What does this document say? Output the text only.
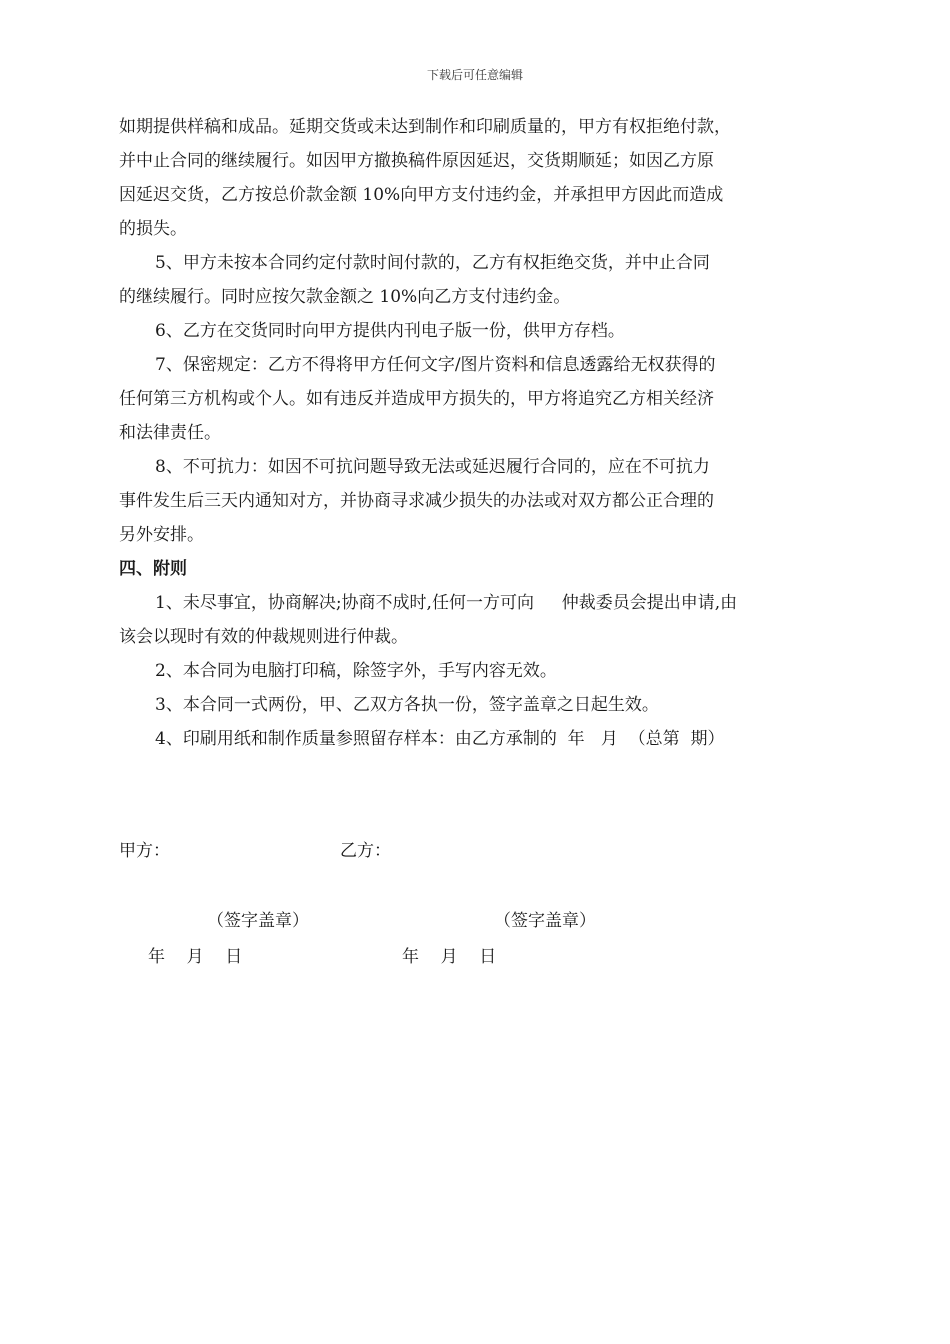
下载后可任意编辑
如期提供样稿和成品。延期交货或未达到制作和印刷质量的，甲方有权拒绝付款，
并中止合同的继续履行。如因甲方撤换稿件原因延迟，交货期顺延；如因乙方原
因延迟交货，乙方按总价款金额 10%向甲方支付违约金，并承担甲方因此而造成
的损失。
5、甲方未按本合同约定付款时间付款的，乙方有权拒绝交货，并中止合同
的继续履行。同时应按欠款金额之 10%向乙方支付违约金。
6、乙方在交货同时向甲方提供内刊电子版一份，供甲方存档。
7、保密规定：乙方不得将甲方任何文字/图片资料和信息透露给无权获得的
任何第三方机构或个人。如有违反并造成甲方损失的，甲方将追究乙方相关经济
和法律责任。
8、不可抗力：如因不可抗问题导致无法或延迟履行合同的，应在不可抗力
事件发生后三天内通知对方，并协商寻求减少损失的办法或对双方都公正合理的
另外安排。
四、附则
1、未尽事宜，协商解决;协商不成时,任何一方可向　  仲裁委员会提出申请,由
该会以现时有效的仲裁规则进行仲裁。
2、本合同为电脑打印稿，除签字外，手写内容无效。
3、本合同一式两份，甲、乙双方各执一份，签字盖章之日起生效。
4、印刷用纸和制作质量参照留存样本：由乙方承制的  年   月  （总第  期）
甲方：	乙方：
（签字盖章）	（签字盖章）
年    月    日	年    月    日
